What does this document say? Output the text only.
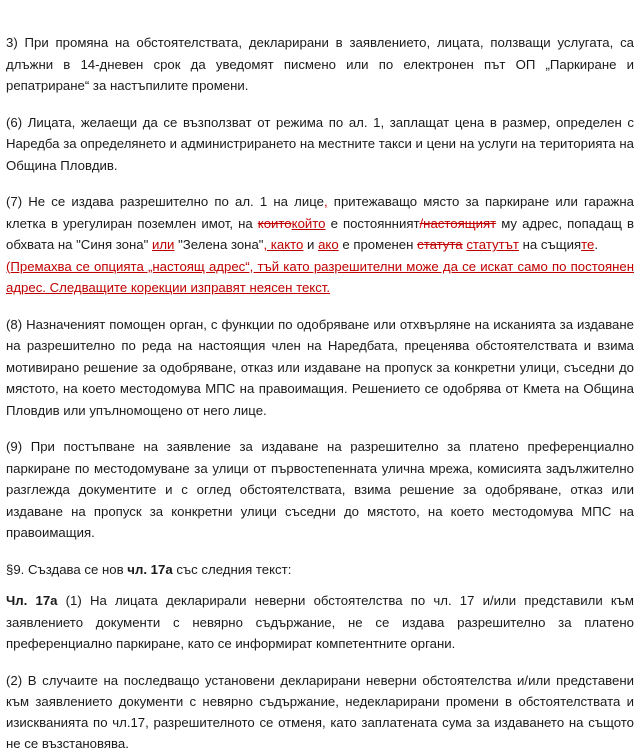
3) При промяна на обстоятелствата, декларирани в заявлението, лицата, ползващи услугата, са длъжни в 14-дневен срок да уведомят писмено или по електронен път ОП „Паркиране и репатриране“ за настъпилите промени.

(6) Лицата, желаещи да се възползват от режима по ал. 1, заплащат цена в размер, определен с Наредба за определянето и администрирането на местните такси и цени на услуги на територията на Община Пловдив.

(7) Не се издава разрешително по ал. 1 на лице, притежаващо място за паркиране или гаражна клетка в урегулиран поземлен имот, на коитокойто е постоянният/настоящият му адрес, попадащ в обхвата на "Синя зона" или "Зелена зона", както и ако е променен статута статутът на същияте.
(Премахва се опцията „настоящ адрес“, тъй като разрешителни може да се искат само по постоянен адрес. Следващите корекции изправят неясен текст.

(8) Назначеният помощен орган, с функции по одобряване или отхвърляне на исканията за издаване на разрешително по реда на настоящия член на Наредбата, преценява обстоятелствата и взима мотивирано решение за одобряване, отказ или издаване на пропуск за конкретни улици, съседни до мястото, на което местодомува МПС на правоимащия. Решението се одобрява от Кмета на Община Пловдив или упълномощено от него лице.

(9) При постъпване на заявление за издаване на разрешително за платено преференциално паркиране по местодомуване за улици от първостепенната улична мрежа, комисията задължително разглежда документите и с оглед обстоятелствата, взима решение за одобряване, отказ или издаване на пропуск за конкретни улици съседни до мястото, на което местодомува МПС на правоимащия.

§9. Създава се нов чл. 17а със следния текст:

Чл. 17а (1) На лицата декларирали неверни обстоятелства по чл. 17 и/или представили към заявлението документи с невярно съдържание, не се издава разрешително за платено преференциално паркиране, като се информират компетентните органи.

(2) В случаите на последващо установени декларирани неверни обстоятелства и/или представени към заявлението документи с невярно съдържание, недекларирани промени в обстоятелствата и изискванията по чл.17, разрешителното се отменя, като заплатената сума за издаването на същото не се възстановява.
